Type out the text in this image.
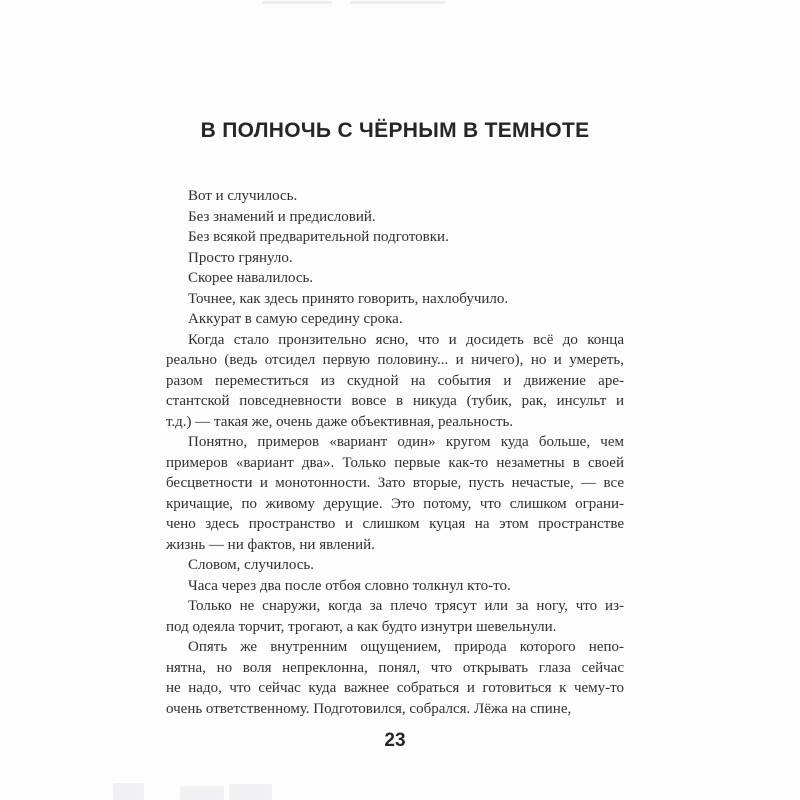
В ПОЛНОЧЬ С ЧЁРНЫМ В ТЕМНОТЕ

Вот и случилось.

Без знамений и предисловий.

Без всякой предварительной подготовки.

Просто грянуло.

Скорее навалилось.

Точнее, как здесь принято говорить, нахлобучило.

Аккурат в самую середину срока.

Когда стало пронзительно ясно, что и досидеть всё до конца
реально (ведь отсидел первую половину... и ничего), но и умереть,
разом переместиться из скудной на события и движение аре-
стантской повседневности вовсе в никуда (тубик, рак, инсульт и
т.д.) — такая же, очень даже объективная, реальность.

Понятно, примеров «вариант один» кругом куда больше, чем
примеров «вариант два». Только первые как-то незаметны в своей
бесцветности и монотонности. Зато вторые, пусть нечастые, — все
кричащие, по живому дерущие. Это потому, что слишком ограни-
чено здесь пространство и слишком куцая на этом пространстве
жизнь — ни фактов, ни явлений.

Словом, случилось.

Часа через два после отбоя словно толкнул кто-то.

Только не снаружи, когда за плечо трясут или за ногу, что из-
под одеяла торчит, трогают, а как будто изнутри шевельнули.

Опять же внутренним ощущением, природа которого непо-
нятна, но воля непреклонна, понял, что открывать глаза сейчас
не надо, что сейчас куда важнее собраться и готовиться к чему-то
очень ответственному. Подготовился, собрался. Лёжа на спине,

23
